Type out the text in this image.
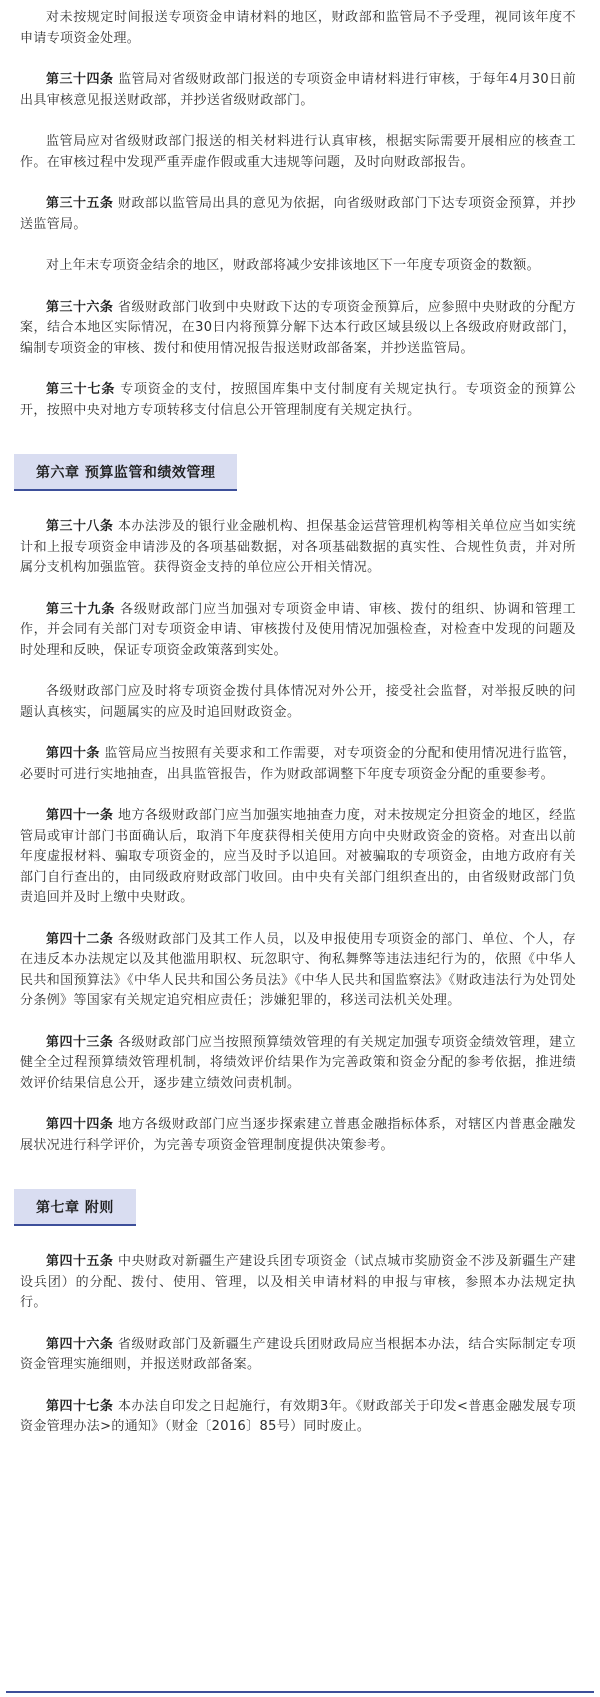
对未按规定时间报送专项资金申请材料的地区，财政部和监管局不予受理，视同该年度不申请专项资金处理。

第三十四条 监管局对省级财政部门报送的专项资金申请材料进行审核，于每年4月30日前出具审核意见报送财政部，并抄送省级财政部门。

监管局应对省级财政部门报送的相关材料进行认真审核，根据实际需要开展相应的核查工作。在审核过程中发现严重弄虚作假或重大违规等问题，及时向财政部报告。

第三十五条 财政部以监管局出具的意见为依据，向省级财政部门下达专项资金预算，并抄送监管局。

对上年末专项资金结余的地区，财政部将减少安排该地区下一年度专项资金的数额。

第三十六条 省级财政部门收到中央财政下达的专项资金预算后，应参照中央财政的分配方案，结合本地区实际情况，在30日内将预算分解下达本行政区域县级以上各级政府财政部门，编制专项资金的审核、拨付和使用情况报告报送财政部备案，并抄送监管局。

第三十七条 专项资金的支付，按照国库集中支付制度有关规定执行。专项资金的预算公开，按照中央对地方专项转移支付信息公开管理制度有关规定执行。

第六章 预算监管和绩效管理

第三十八条 本办法涉及的银行业金融机构、担保基金运营管理机构等相关单位应当如实统计和上报专项资金申请涉及的各项基础数据，对各项基础数据的真实性、合规性负责，并对所属分支机构加强监管。获得资金支持的单位应公开相关情况。

第三十九条 各级财政部门应当加强对专项资金申请、审核、拨付的组织、协调和管理工作，并会同有关部门对专项资金申请、审核拨付及使用情况加强检查，对检查中发现的问题及时处理和反映，保证专项资金政策落到实处。

各级财政部门应及时将专项资金拨付具体情况对外公开，接受社会监督，对举报反映的问题认真核实，问题属实的应及时追回财政资金。

第四十条 监管局应当按照有关要求和工作需要，对专项资金的分配和使用情况进行监管，必要时可进行实地抽查，出具监管报告，作为财政部调整下年度专项资金分配的重要参考。

第四十一条 地方各级财政部门应当加强实地抽查力度，对未按规定分担资金的地区，经监管局或审计部门书面确认后，取消下年度获得相关使用方向中央财政资金的资格。对查出以前年度虚报材料、骗取专项资金的，应当及时予以追回。对被骗取的专项资金，由地方政府有关部门自行查出的，由同级政府财政部门收回。由中央有关部门组织查出的，由省级财政部门负责追回并及时上缴中央财政。

第四十二条 各级财政部门及其工作人员，以及申报使用专项资金的部门、单位、个人，存在违反本办法规定以及其他滥用职权、玩忽职守、徇私舞弊等违法违纪行为的，依照《中华人民共和国预算法》《中华人民共和国公务员法》《中华人民共和国监察法》《财政违法行为处罚处分条例》等国家有关规定追究相应责任；涉嫌犯罪的，移送司法机关处理。

第四十三条 各级财政部门应当按照预算绩效管理的有关规定加强专项资金绩效管理，建立健全全过程预算绩效管理机制，将绩效评价结果作为完善政策和资金分配的参考依据，推进绩效评价结果信息公开，逐步建立绩效问责机制。

第四十四条 地方各级财政部门应当逐步探索建立普惠金融指标体系，对辖区内普惠金融发展状况进行科学评价，为完善专项资金管理制度提供决策参考。

第七章 附则

第四十五条 中央财政对新疆生产建设兵团专项资金（试点城市奖励资金不涉及新疆生产建设兵团）的分配、拨付、使用、管理，以及相关申请材料的申报与审核，参照本办法规定执行。

第四十六条 省级财政部门及新疆生产建设兵团财政局应当根据本办法，结合实际制定专项资金管理实施细则，并报送财政部备案。

第四十七条 本办法自印发之日起施行，有效期3年。《财政部关于印发<普惠金融发展专项资金管理办法>的通知》（财金〔2016〕85号）同时废止。
